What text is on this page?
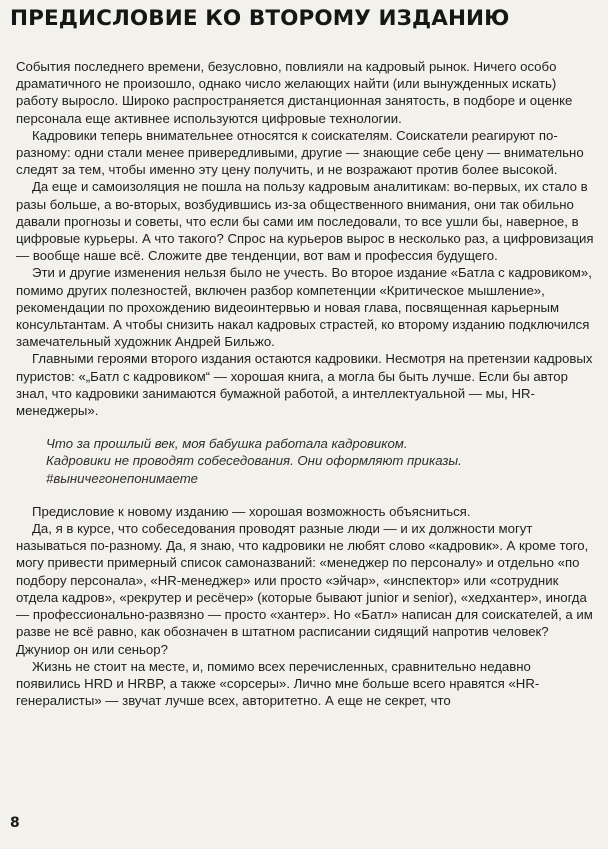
ПРЕДИСЛОВИЕ КО ВТОРОМУ ИЗДАНИЮ

События последнего времени, безусловно, повлияли на кадровый рынок. Ничего особо драматичного не произошло, однако число желающих найти (или вынужденных искать) работу выросло. Широко распространяется дистанционная занятость, в подборе и оценке персонала еще активнее используются цифровые технологии.

Кадровики теперь внимательнее относятся к соискателям. Соискатели реагируют по-разному: одни стали менее привередливыми, другие — знающие себе цену — внимательно следят за тем, чтобы именно эту цену получить, и не возражают против более высокой.

Да еще и самоизоляция не пошла на пользу кадровым аналитикам: во-первых, их стало в разы больше, а во-вторых, возбудившись из-за общественного внимания, они так обильно давали прогнозы и советы, что если бы сами им последовали, то все ушли бы, наверное, в цифровые курьеры. А что такого? Спрос на курьеров вырос в несколько раз, а цифровизация — вообще наше всё. Сложите две тенденции, вот вам и профессия будущего.

Эти и другие изменения нельзя было не учесть. Во второе издание «Батла с кадровиком», помимо других полезностей, включен разбор компетенции «Критическое мышление», рекомендации по прохождению видеоинтервью и новая глава, посвященная карьерным консультантам. А чтобы снизить накал кадровых страстей, ко второму изданию подключился замечательный художник Андрей Бильжо.

Главными героями второго издания остаются кадровики. Несмотря на претензии кадровых пуристов: «„Батл с кадровиком“ — хорошая книга, а могла бы быть лучше. Если бы автор знал, что кадровики занимаются бумажной работой, а интеллектуальной — мы, HR-менеджеры».

Что за прошлый век, моя бабушка работала кадровиком.
Кадровики не проводят собеседования. Они оформляют приказы.
#выничегонепонимаете

Предисловие к новому изданию — хорошая возможность объясниться.

Да, я в курсе, что собеседования проводят разные люди — и их должности могут называться по-разному. Да, я знаю, что кадровики не любят слово «кадровик». А кроме того, могу привести примерный список самоназваний: «менеджер по персоналу» и отдельно «по подбору персонала», «HR-менеджер» или просто «эйчар», «инспектор» или «сотрудник отдела кадров», «рекрутер и ресёчер» (которые бывают junior и senior), «хедхантер», иногда — профессионально-развязно — просто «хантер». Но «Батл» написан для соискателей, а им разве не всё равно, как обозначен в штатном расписании сидящий напротив человек? Джуниор он или сеньор?

Жизнь не стоит на месте, и, помимо всех перечисленных, сравнительно недавно появились HRD и HRBP, а также «сорсеры». Лично мне больше всего нравятся «HR-генералисты» — звучат лучше всех, авторитетно. А еще не секрет, что

8
